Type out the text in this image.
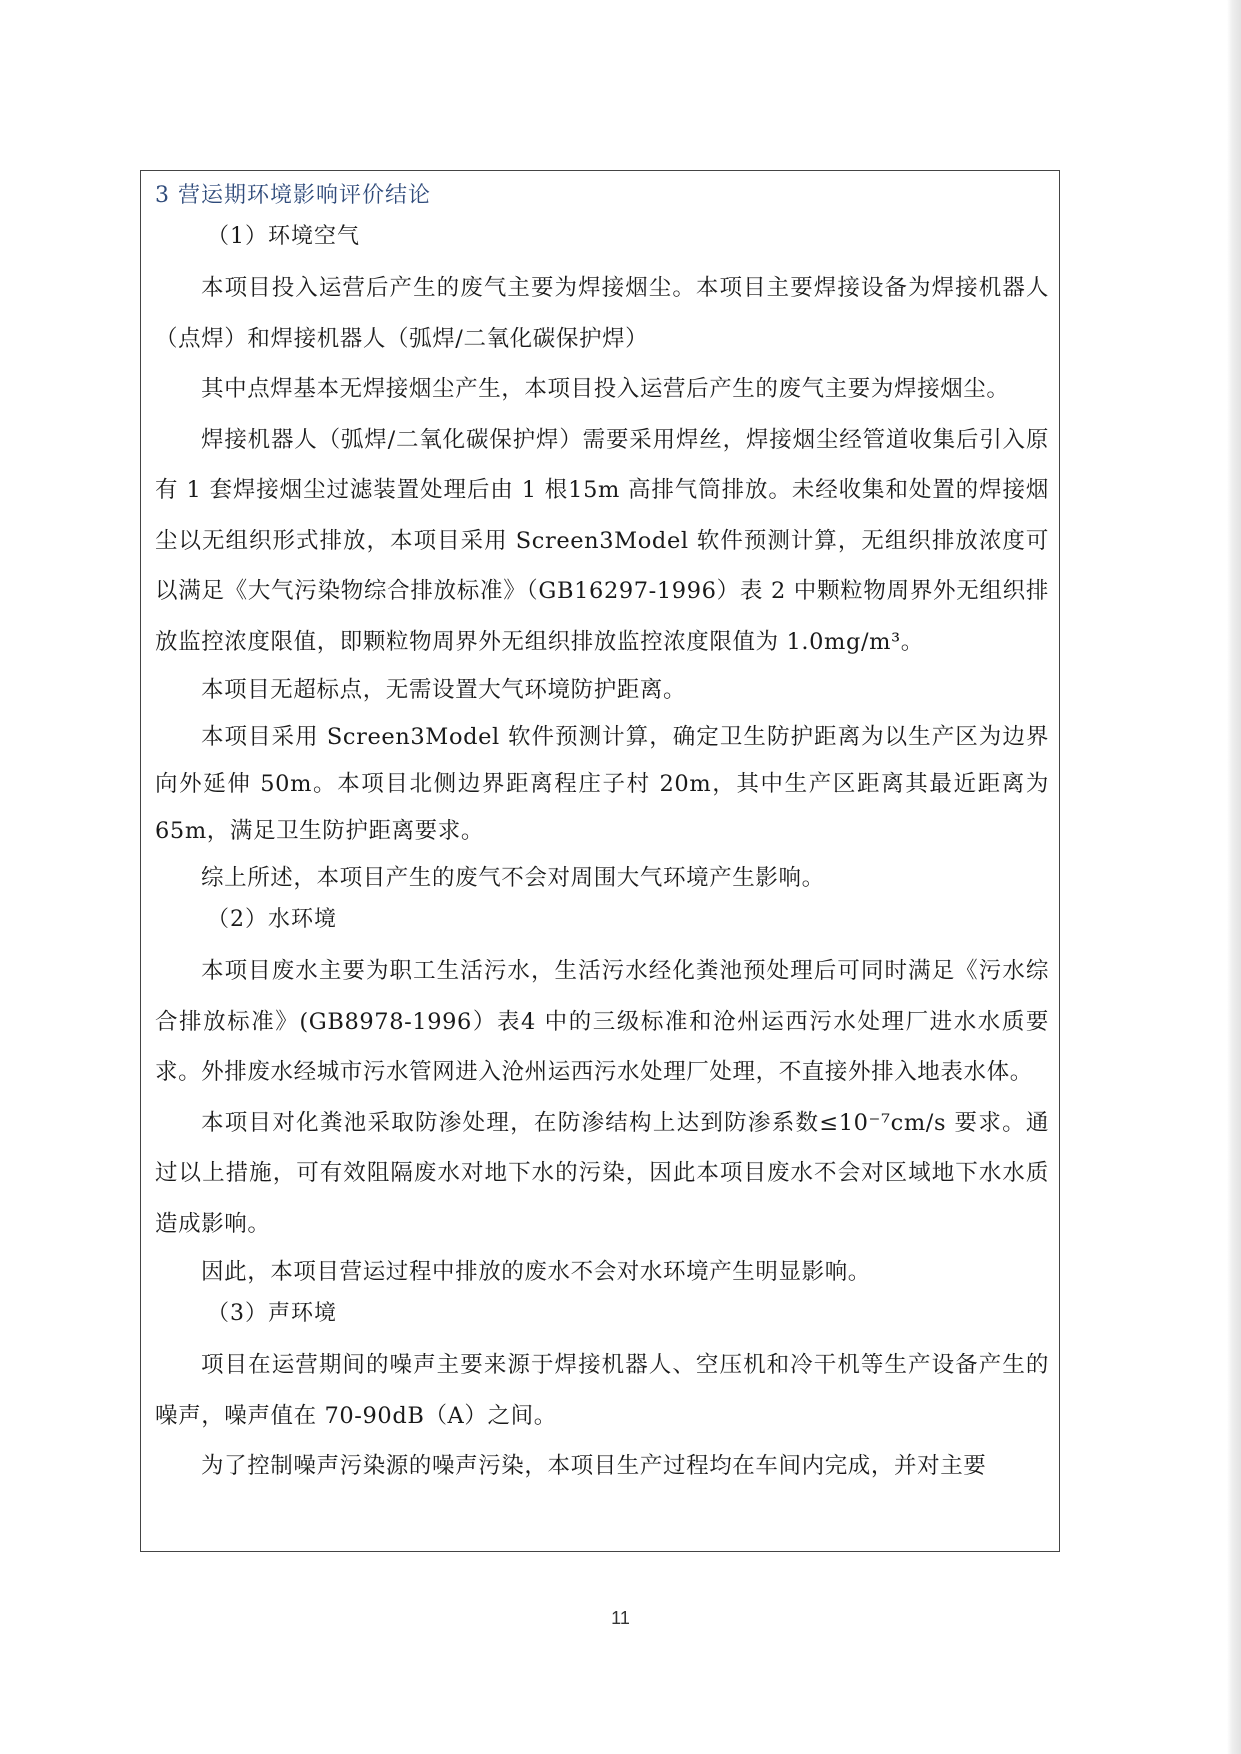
3 营运期环境影响评价结论
（1）环境空气

本项目投入运营后产生的废气主要为焊接烟尘。本项目主要焊接设备为焊接机器人（点焊）和焊接机器人（弧焊/二氧化碳保护焊）

其中点焊基本无焊接烟尘产生，本项目投入运营后产生的废气主要为焊接烟尘。

焊接机器人（弧焊/二氧化碳保护焊）需要采用焊丝，焊接烟尘经管道收集后引入原有 1 套焊接烟尘过滤装置处理后由 1 根15m 高排气筒排放。未经收集和处置的焊接烟尘以无组织形式排放，本项目采用 Screen3Model 软件预测计算，无组织排放浓度可以满足《大气污染物综合排放标准》（GB16297-1996）表 2 中颗粒物周界外无组织排放监控浓度限值，即颗粒物周界外无组织排放监控浓度限值为 1.0mg/m³。

本项目无超标点，无需设置大气环境防护距离。

本项目采用 Screen3Model 软件预测计算，确定卫生防护距离为以生产区为边界向外延伸 50m。本项目北侧边界距离程庄子村 20m，其中生产区距离其最近距离为 65m，满足卫生防护距离要求。

综上所述，本项目产生的废气不会对周围大气环境产生影响。

（2）水环境

本项目废水主要为职工生活污水，生活污水经化粪池预处理后可同时满足《污水综合排放标准》(GB8978-1996）表4 中的三级标准和沧州运西污水处理厂进水水质要求。外排废水经城市污水管网进入沧州运西污水处理厂处理，不直接外排入地表水体。

本项目对化粪池采取防渗处理，在防渗结构上达到防渗系数≤10⁻⁷cm/s 要求。通过以上措施，可有效阻隔废水对地下水的污染，因此本项目废水不会对区域地下水水质造成影响。

因此，本项目营运过程中排放的废水不会对水环境产生明显影响。

（3）声环境

项目在运营期间的噪声主要来源于焊接机器人、空压机和冷干机等生产设备产生的噪声，噪声值在 70-90dB（A）之间。

为了控制噪声污染源的噪声污染，本项目生产过程均在车间内完成，并对主要

11
